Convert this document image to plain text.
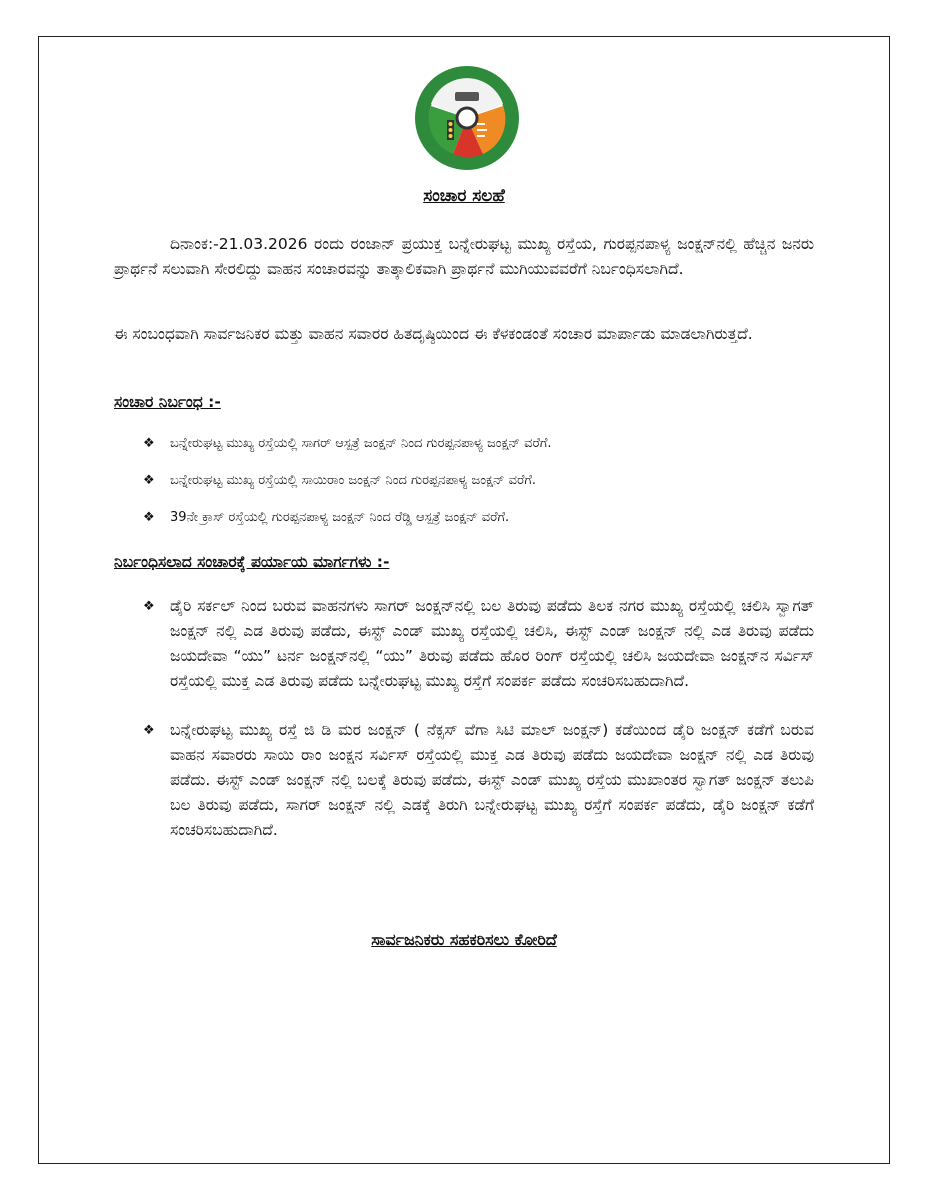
ಸಂಚಾರ ಸಲಹೆ

ದಿನಾಂಕ:-21.03.2026 ರಂದು ರಂಜಾನ್ ಪ್ರಯುಕ್ತ ಬನ್ನೇರುಘಟ್ಟ ಮುಖ್ಯ ರಸ್ತೆಯ, ಗುರಪ್ಪನಪಾಳ್ಯ ಜಂಕ್ಷನ್‌ನಲ್ಲಿ ಹೆಚ್ಚಿನ ಜನರು ಪ್ರಾರ್ಥನೆ ಸಲುವಾಗಿ ಸೇರಲಿದ್ದು ವಾಹನ ಸಂಚಾರವನ್ನು ತಾತ್ಕಾಲಿಕವಾಗಿ ಪ್ರಾರ್ಥನೆ ಮುಗಿಯುವವರೆಗೆ ನಿರ್ಬಂಧಿಸಲಾಗಿದೆ.

ಈ ಸಂಬಂಧವಾಗಿ ಸಾರ್ವಜನಿಕರ ಮತ್ತು ವಾಹನ ಸವಾರರ ಹಿತದೃಷ್ಠಿಯಿಂದ ಈ ಕೆಳಕಂಡಂತೆ ಸಂಚಾರ ಮಾರ್ಪಾಡು ಮಾಡಲಾಗಿರುತ್ತದೆ.

ಸಂಚಾರ ನಿರ್ಬಂಧ :-
❖ ಬನ್ನೇರುಘಟ್ಟ ಮುಖ್ಯ ರಸ್ತೆಯಲ್ಲಿ ಸಾಗರ್ ಆಸ್ಪತ್ರೆ ಜಂಕ್ಷನ್ ನಿಂದ ಗುರಪ್ಪನಪಾಳ್ಯ ಜಂಕ್ಷನ್ ವರೆಗೆ.
❖ ಬನ್ನೇರುಘಟ್ಟ ಮುಖ್ಯ ರಸ್ತೆಯಲ್ಲಿ ಸಾಯಿರಾಂ ಜಂಕ್ಷನ್ ನಿಂದ ಗುರಪ್ಪನಪಾಳ್ಯ ಜಂಕ್ಷನ್ ವರೆಗೆ.
❖ 39ನೇ ಕ್ರಾಸ್ ರಸ್ತೆಯಲ್ಲಿ ಗುರಪ್ಪನಪಾಳ್ಯ ಜಂಕ್ಷನ್ ನಿಂದ ರೆಡ್ಡಿ ಆಸ್ಪತ್ರೆ ಜಂಕ್ಷನ್ ವರೆಗೆ.
ನಿರ್ಬಂಧಿಸಲಾದ ಸಂಚಾರಕ್ಕೆ ಪರ್ಯಾಯ ಮಾರ್ಗಗಳು :-
❖ ಡೈರಿ ಸರ್ಕಲ್ ನಿಂದ ಬರುವ ವಾಹನಗಳು ಸಾಗರ್ ಜಂಕ್ಷನ್‌ನಲ್ಲಿ ಬಲ ತಿರುವು ಪಡೆದು ತಿಲಕ ನಗರ ಮುಖ್ಯ ರಸ್ತೆಯಲ್ಲಿ ಚಲಿಸಿ ಸ್ವಾಗತ್ ಜಂಕ್ಷನ್ ನಲ್ಲಿ ಎಡ ತಿರುವು ಪಡೆದು, ಈಸ್ಟ್ ಎಂಡ್ ಮುಖ್ಯ ರಸ್ತೆಯಲ್ಲಿ ಚಲಿಸಿ, ಈಸ್ಟ್ ಎಂಡ್ ಜಂಕ್ಷನ್ ನಲ್ಲಿ ಎಡ ತಿರುವು ಪಡೆದು ಜಯದೇವಾ “ಯು” ಟರ್ನ ಜಂಕ್ಷನ್‌ನಲ್ಲಿ “ಯು” ತಿರುವು ಪಡೆದು ಹೊರ ರಿಂಗ್ ರಸ್ತೆಯಲ್ಲಿ ಚಲಿಸಿ ಜಯದೇವಾ ಜಂಕ್ಷನ್‌ನ ಸರ್ವಿಸ್ ರಸ್ತೆಯಲ್ಲಿ ಮುಕ್ತ ಎಡ ತಿರುವು ಪಡೆದು ಬನ್ನೇರುಘಟ್ಟ ಮುಖ್ಯ ರಸ್ತೆಗೆ ಸಂಪರ್ಕ ಪಡೆದು ಸಂಚರಿಸಬಹುದಾಗಿದೆ.
❖ ಬನ್ನೇರುಘಟ್ಟ ಮುಖ್ಯ ರಸ್ತೆ ಜಿ ಡಿ ಮರ ಜಂಕ್ಷನ್ ( ನೆಕ್ಸಸ್ ವೆಗಾ ಸಿಟಿ ಮಾಲ್ ಜಂಕ್ಷನ್) ಕಡೆಯಿಂದ ಡೈರಿ ಜಂಕ್ಷನ್ ಕಡೆಗೆ ಬರುವ ವಾಹನ ಸವಾರರು ಸಾಯಿ ರಾಂ ಜಂಕ್ಷನ ಸರ್ವಿಸ್ ರಸ್ತೆಯಲ್ಲಿ ಮುಕ್ತ ಎಡ ತಿರುವು ಪಡೆದು ಜಯದೇವಾ ಜಂಕ್ಷನ್ ನಲ್ಲಿ ಎಡ ತಿರುವು ಪಡೆದು. ಈಸ್ಟ್ ಎಂಡ್ ಜಂಕ್ಷನ್ ನಲ್ಲಿ ಬಲಕ್ಕೆ ತಿರುವು ಪಡೆದು, ಈಸ್ಟ್ ಎಂಡ್ ಮುಖ್ಯ ರಸ್ತೆಯ ಮುಖಾಂತರ ಸ್ವಾಗತ್ ಜಂಕ್ಷನ್ ತಲುಪಿ ಬಲ ತಿರುವು ಪಡೆದು, ಸಾಗರ್ ಜಂಕ್ಷನ್ ನಲ್ಲಿ ಎಡಕ್ಕೆ ತಿರುಗಿ ಬನ್ನೇರುಘಟ್ಟ ಮುಖ್ಯ ರಸ್ತೆಗೆ ಸಂಪರ್ಕ ಪಡೆದು, ಡೈರಿ ಜಂಕ್ಷನ್ ಕಡೆಗೆ ಸಂಚರಿಸಬಹುದಾಗಿದೆ.
ಸಾರ್ವಜನಿಕರು ಸಹಕರಿಸಲು ಕೋರಿದೆ
